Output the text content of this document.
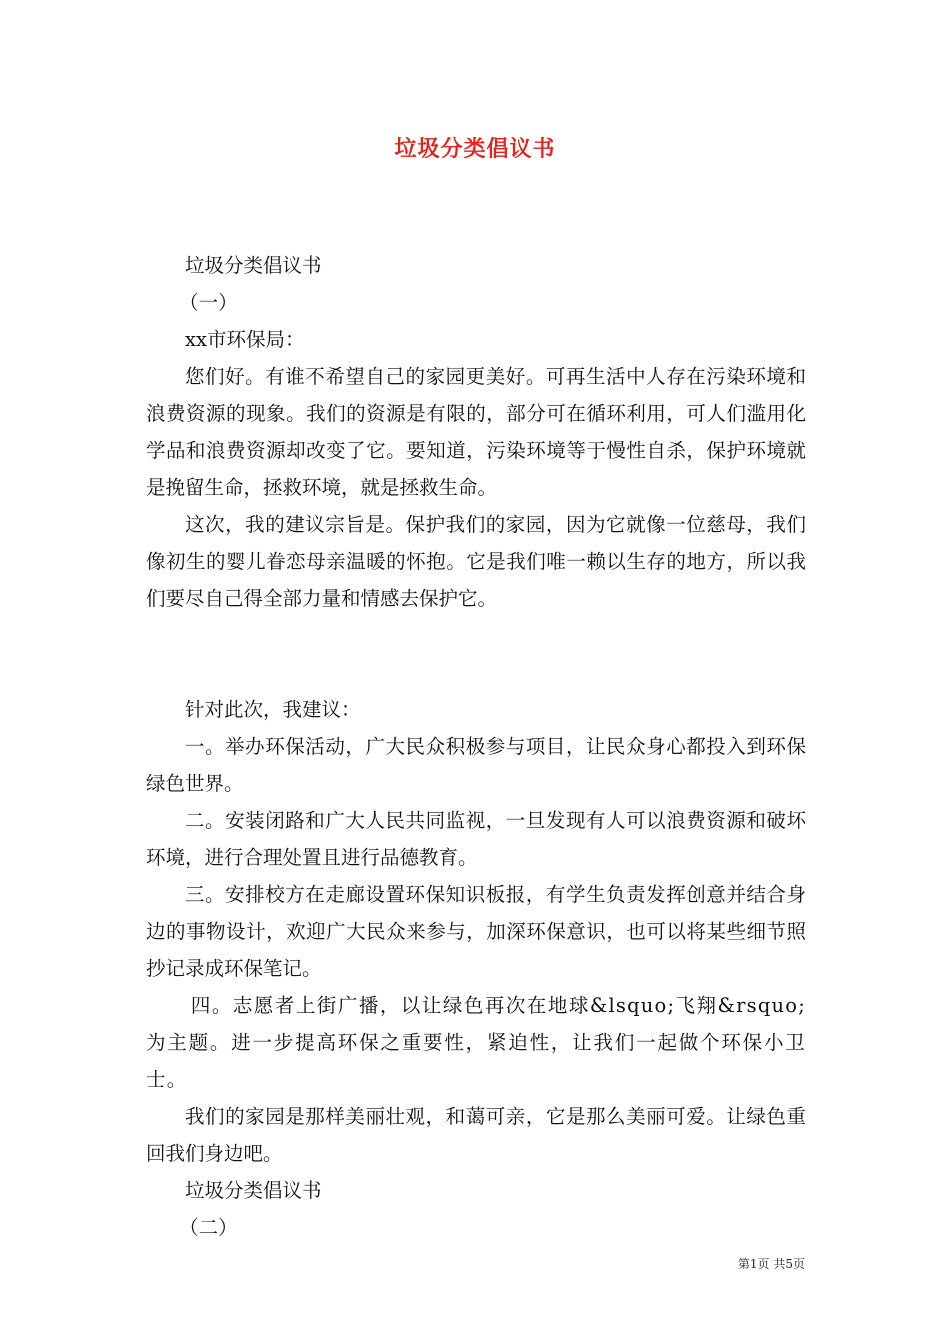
垃圾分类倡议书

垃圾分类倡议书

（一）

xx市环保局：

您们好。有谁不希望自己的家园更美好。可再生活中人存在污染环境和浪费资源的现象。我们的资源是有限的，部分可在循环利用，可人们滥用化学品和浪费资源却改变了它。要知道，污染环境等于慢性自杀，保护环境就是挽留生命，拯救环境，就是拯救生命。

这次，我的建议宗旨是。保护我们的家园，因为它就像一位慈母，我们像初生的婴儿眷恋母亲温暖的怀抱。它是我们唯一赖以生存的地方，所以我们要尽自己得全部力量和情感去保护它。

针对此次，我建议：

一。举办环保活动，广大民众积极参与项目，让民众身心都投入到环保绿色世界。

二。安装闭路和广大人民共同监视，一旦发现有人可以浪费资源和破坏环境，进行合理处置且进行品德教育。

三。安排校方在走廊设置环保知识板报，有学生负责发挥创意并结合身边的事物设计，欢迎广大民众来参与，加深环保意识，也可以将某些细节照抄记录成环保笔记。

四。志愿者上街广播，以让绿色再次在地球&lsquo;飞翔&rsquo;为主题。进一步提高环保之重要性，紧迫性，让我们一起做个环保小卫士。

我们的家园是那样美丽壮观，和蔼可亲，它是那么美丽可爱。让绿色重回我们身边吧。

垃圾分类倡议书

（二）

第1页 共5页
